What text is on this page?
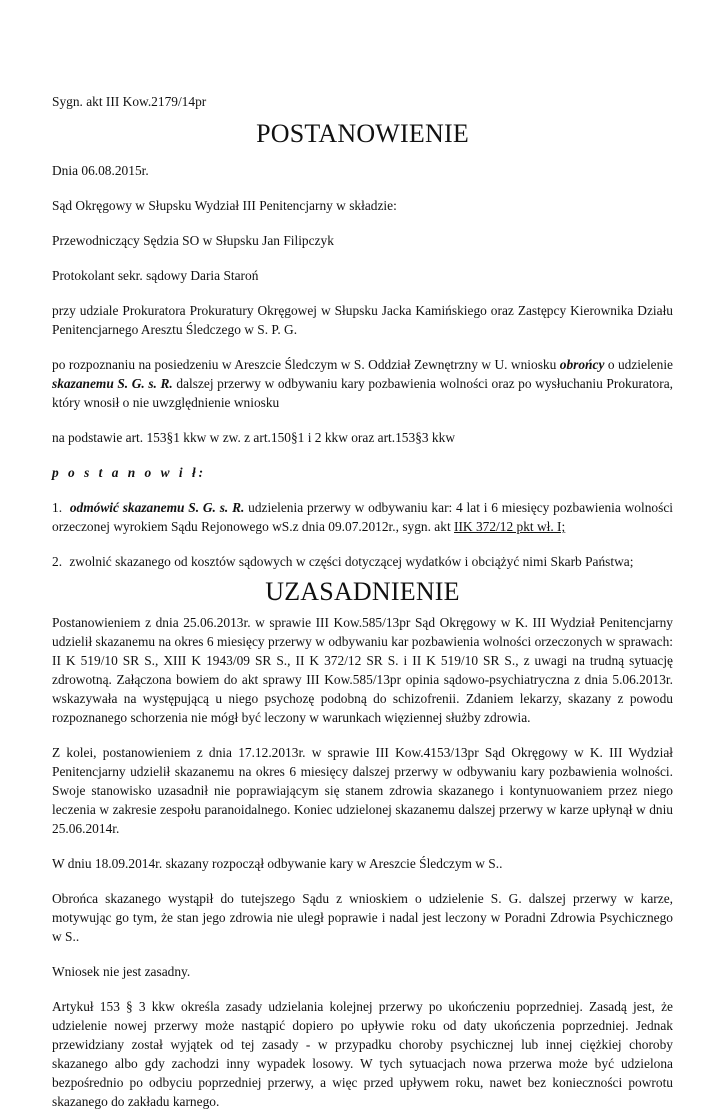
Sygn. akt III Kow.2179/14pr

POSTANOWIENIE

Dnia 06.08.2015r.

Sąd Okręgowy w Słupsku Wydział III Penitencjarny w składzie:

Przewodniczący Sędzia SO w Słupsku Jan Filipczyk

Protokolant sekr. sądowy Daria Staroń

przy udziale Prokuratora Prokuratury Okręgowej w Słupsku Jacka Kamińskiego oraz Zastępcy Kierownika Działu Penitencjarnego Aresztu Śledczego w S. P. G.

po rozpoznaniu na posiedzeniu w Areszcie Śledczym w S. Oddział Zewnętrzny w U. wniosku obrońcy o udzielenie skazanemu S. G. s. R. dalszej przerwy w odbywaniu kary pozbawienia wolności oraz po wysłuchaniu Prokuratora, który wnosił o nie uwzględnienie wniosku

na podstawie art. 153§1 kkw w zw. z art.150§1 i 2 kkw oraz art.153§3 kkw

p o s t a n o w i ł:

1. odmówić skazanemu S. G. s. R. udzielenia przerwy w odbywaniu kar: 4 lat i 6 miesięcy pozbawienia wolności orzeczonej wyrokiem Sądu Rejonowego wS.z dnia 09.07.2012r., sygn. akt IIK 372/12 pkt wł. I;

2. zwolnić skazanego od kosztów sądowych w części dotyczącej wydatków i obciążyć nimi Skarb Państwa;

UZASADNIENIE

Postanowieniem z dnia 25.06.2013r. w sprawie III Kow.585/13pr Sąd Okręgowy w K. III Wydział Penitencjarny udzielił skazanemu na okres 6 miesięcy przerwy w odbywaniu kar pozbawienia wolności orzeczonych w sprawach: II K 519/10 SR S., XIII K 1943/09 SR S., II K 372/12 SR S. i II K 519/10 SR S., z uwagi na trudną sytuację zdrowotną. Załączona bowiem do akt sprawy III Kow.585/13pr opinia sądowo-psychiatryczna z dnia 5.06.2013r. wskazywała na występującą u niego psychozę podobną do schizofrenii. Zdaniem lekarzy, skazany z powodu rozpoznanego schorzenia nie mógł być leczony w warunkach więziennej służby zdrowia.

Z kolei, postanowieniem z dnia 17.12.2013r. w sprawie III Kow.4153/13pr Sąd Okręgowy w K. III Wydział Penitencjarny udzielił skazanemu na okres 6 miesięcy dalszej przerwy w odbywaniu kary pozbawienia wolności. Swoje stanowisko uzasadnił nie poprawiającym się stanem zdrowia skazanego i kontynuowaniem przez niego leczenia w zakresie zespołu paranoidalnego. Koniec udzielonej skazanemu dalszej przerwy w karze upłynął w dniu 25.06.2014r.

W dniu 18.09.2014r. skazany rozpoczął odbywanie kary w Areszcie Śledczym w S..

Obrońca skazanego wystąpił do tutejszego Sądu z wnioskiem o udzielenie S. G. dalszej przerwy w karze, motywując go tym, że stan jego zdrowia nie uległ poprawie i nadal jest leczony w Poradni Zdrowia Psychicznego w S..

Wniosek nie jest zasadny.

Artykuł 153 § 3 kkw określa zasady udzielania kolejnej przerwy po ukończeniu poprzedniej. Zasadą jest, że udzielenie nowej przerwy może nastąpić dopiero po upływie roku od daty ukończenia poprzedniej. Jednak przewidziany został wyjątek od tej zasady - w przypadku choroby psychicznej lub innej ciężkiej choroby skazanego albo gdy zachodzi inny wypadek losowy. W tych sytuacjach nowa przerwa może być udzielona bezpośrednio po odbyciu poprzedniej przerwy, a więc przed upływem roku, nawet bez konieczności powrotu skazanego do zakładu karnego.
